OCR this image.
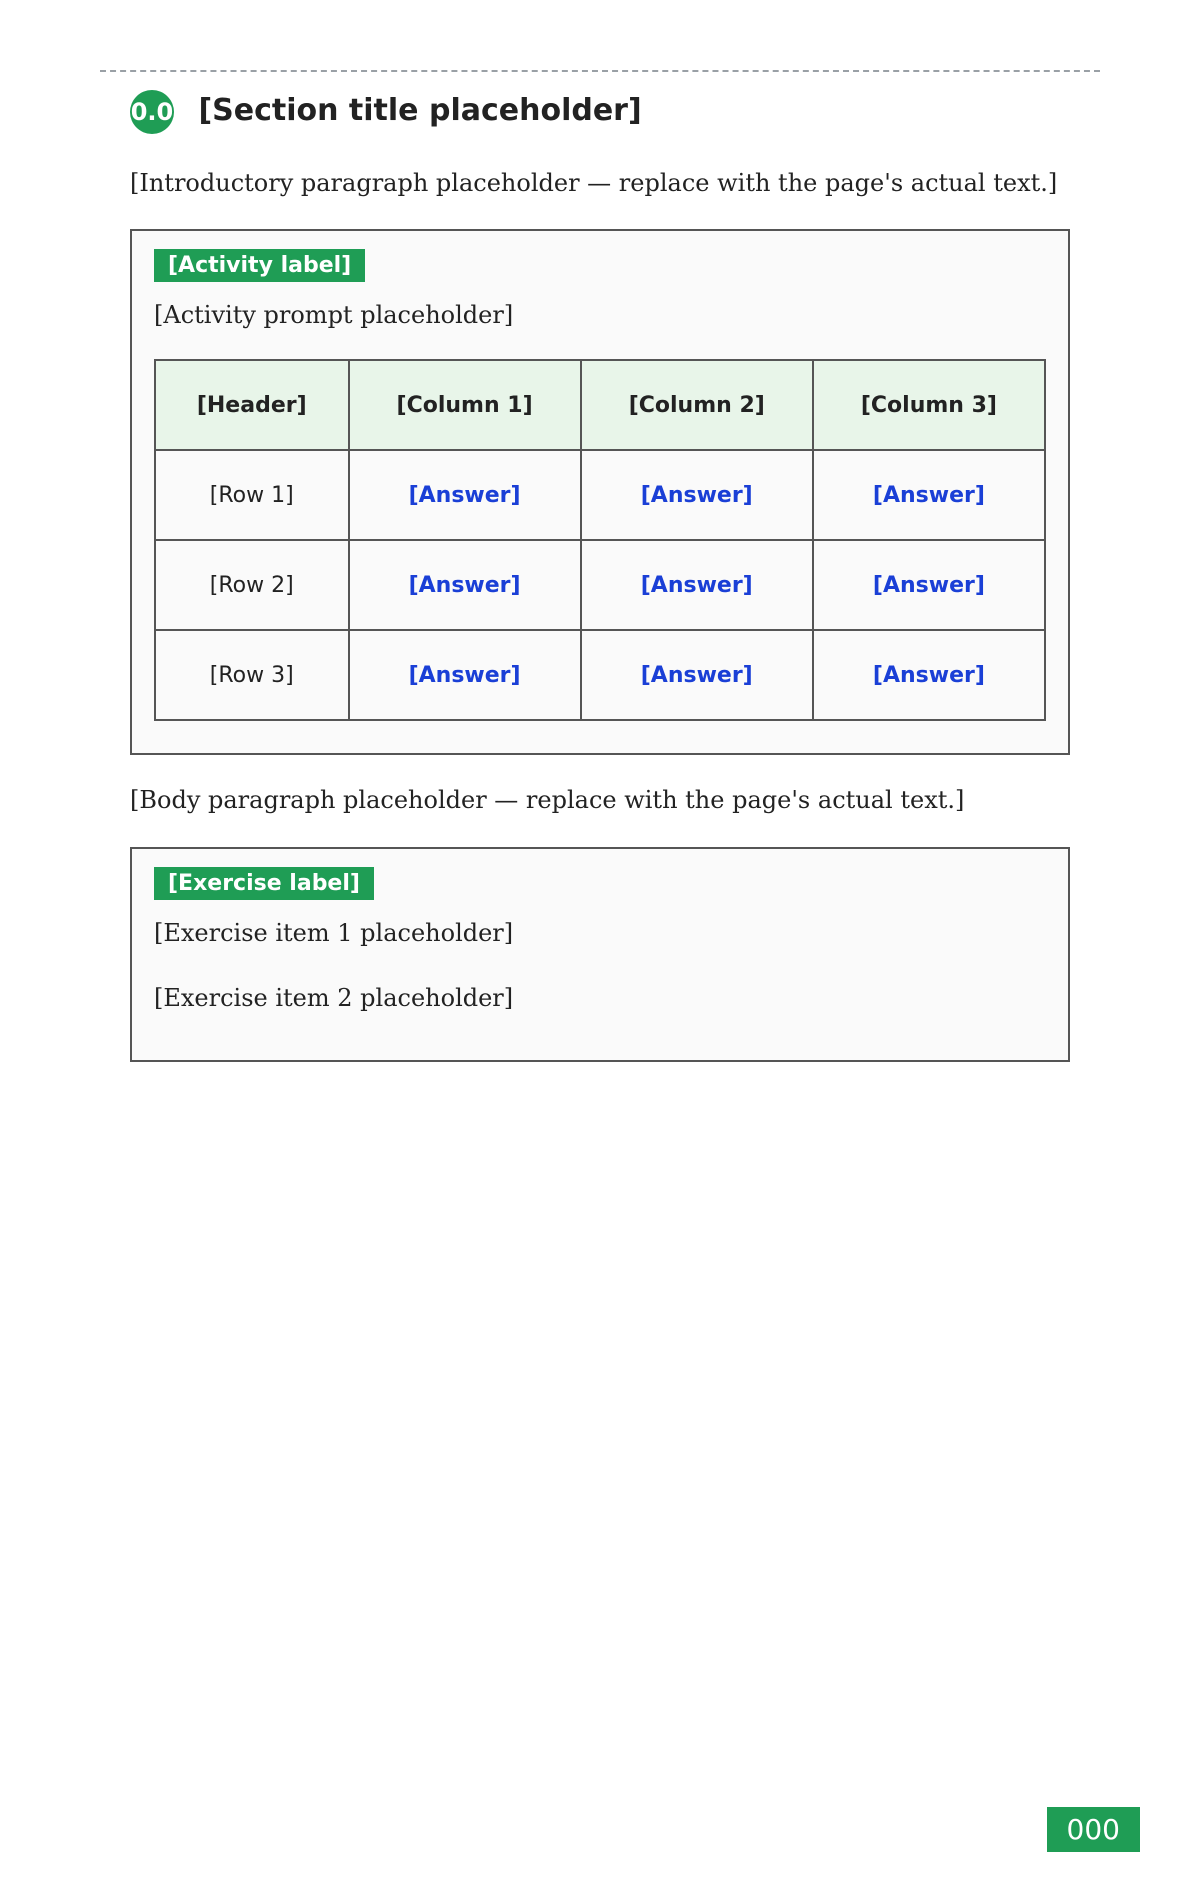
0.0 [Section title placeholder]

[Introductory paragraph placeholder — replace with the page's actual text.]

[Activity label]

[Activity prompt placeholder]

[Header]	[Column 1]	[Column 2]	[Column 3]
[Row 1]	[Answer]	[Answer]	[Answer]
[Row 2]	[Answer]	[Answer]	[Answer]
[Row 3]	[Answer]	[Answer]	[Answer]

[Body paragraph placeholder — replace with the page's actual text.]

[Exercise label]

[Exercise item 1 placeholder]

[Exercise item 2 placeholder]

000
